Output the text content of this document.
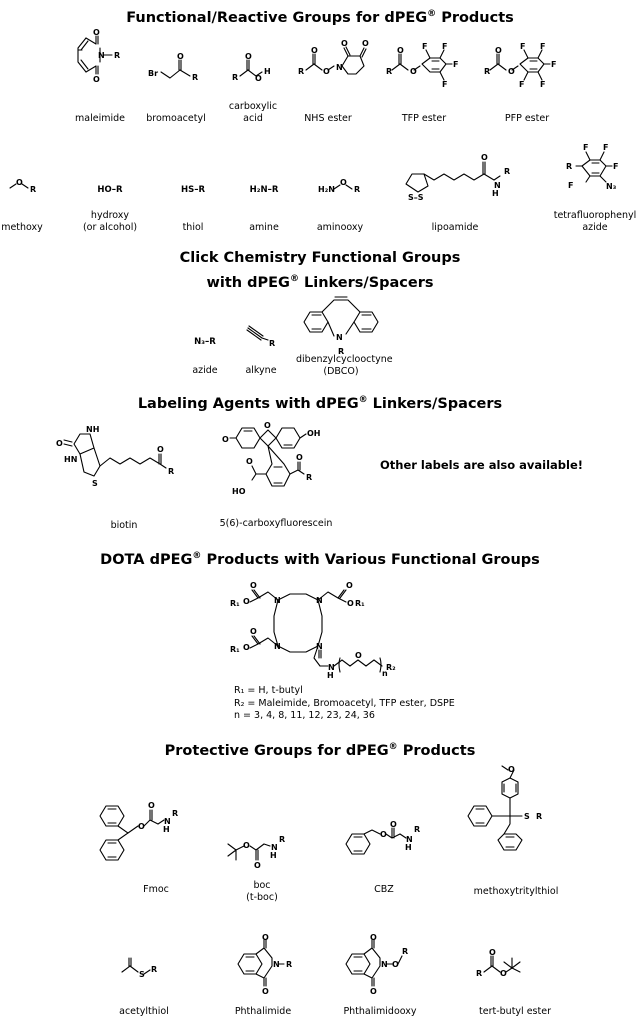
Functional/Reactive Groups for dPEG® Products
Click Chemistry Functional Groups
with dPEG® Linkers/Spacers
Labeling Agents with dPEG® Linkers/Spacers
DOTA dPEG® Products with Various Functional Groups
Protective Groups for dPEG® Products
O
O
N R
maleimide
Br
O
R
bromoacetyl
R
O
O
H
carboxylic
acid
R
O
O N
O O
NHS ester
R
O
O
F F
F
F
TFP ester
R
O
O
F F
F
F
F
PFP ester
O
R
methoxy
HO–R
hydroxy
(or alcohol)
HS–R
thiol
H₂N–R
amine
H₂N
O
R
aminooxy
S–S
O
N
H
R
lipoamide
R
F F
F
F	N₃
tetrafluorophenyl
azide
N₃–R
azide
R
alkyne
N
R
dibenzylcyclooctyne
(DBCO)
O
NH
HN
S
O
R
biotin
O
O
OH
O
HO
O
R
5(6)-carboxyfluorescein
Other labels are also available!
N	N
N	N
R₁ O
O	O
O R₁
R₁ O
O
N
H
O
n
R₂
R₁ = H, t-butyl
R₂ = Maleimide, Bromoacetyl, TFP ester, DSPE
n = 3, 4, 8, 11, 12, 23, 24, 36
O
O
N
H
R
Fmoc
O
O
N
H
R
boc
(t-boc)
O
O
N
H
R
CBZ
O
S R
methoxytritylthiol
S
R
acetylthiol
O
O
N R
Phthalimide
O
O
N O
R
Phthalimidooxy
R
O
O
tert-butyl ester
